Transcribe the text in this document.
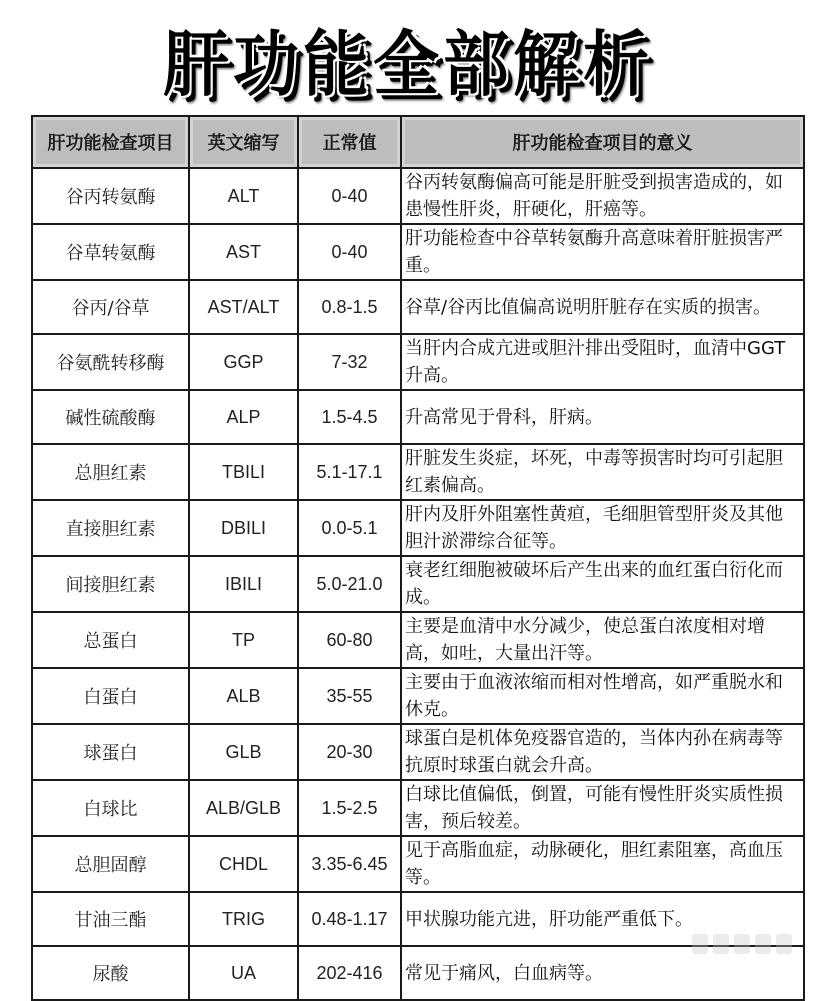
肝功能全部解析
肝功能检查项目	英文缩写	正常值	肝功能检查项目的意义
谷丙转氨酶	ALT	0-40	谷丙转氨酶偏高可能是肝脏受到损害造成的，如患慢性肝炎，肝硬化，肝癌等。
谷草转氨酶	AST	0-40	肝功能检查中谷草转氨酶升高意味着肝脏损害严重。
谷丙/谷草	AST/ALT	0.8-1.5	谷草/谷丙比值偏高说明肝脏存在实质的损害。
谷氨酰转移酶	GGP	7-32	当肝内合成亢进或胆汁排出受阻时，血清中GGT升高。
碱性硫酸酶	ALP	1.5-4.5	升高常见于骨科，肝病。
总胆红素	TBILI	5.1-17.1	肝脏发生炎症，坏死，中毒等损害时均可引起胆红素偏高。
直接胆红素	DBILI	0.0-5.1	肝内及肝外阻塞性黄疸，毛细胆管型肝炎及其他胆汁淤滞综合征等。
间接胆红素	IBILI	5.0-21.0	衰老红细胞被破坏后产生出来的血红蛋白衍化而成。
总蛋白	TP	60-80	主要是血清中水分减少，使总蛋白浓度相对增高，如吐，大量出汗等。
白蛋白	ALB	35-55	主要由于血液浓缩而相对性增高，如严重脱水和休克。
球蛋白	GLB	20-30	球蛋白是机体免疫器官造的，当体内孙在病毒等抗原时球蛋白就会升高。
白球比	ALB/GLB	1.5-2.5	白球比值偏低，倒置，可能有慢性肝炎实质性损害，预后较差。
总胆固醇	CHDL	3.35-6.45	见于高脂血症，动脉硬化，胆红素阻塞，高血压等。
甘油三酯	TRIG	0.48-1.17	甲状腺功能亢进，肝功能严重低下。
尿酸	UA	202-416	常见于痛风，白血病等。
